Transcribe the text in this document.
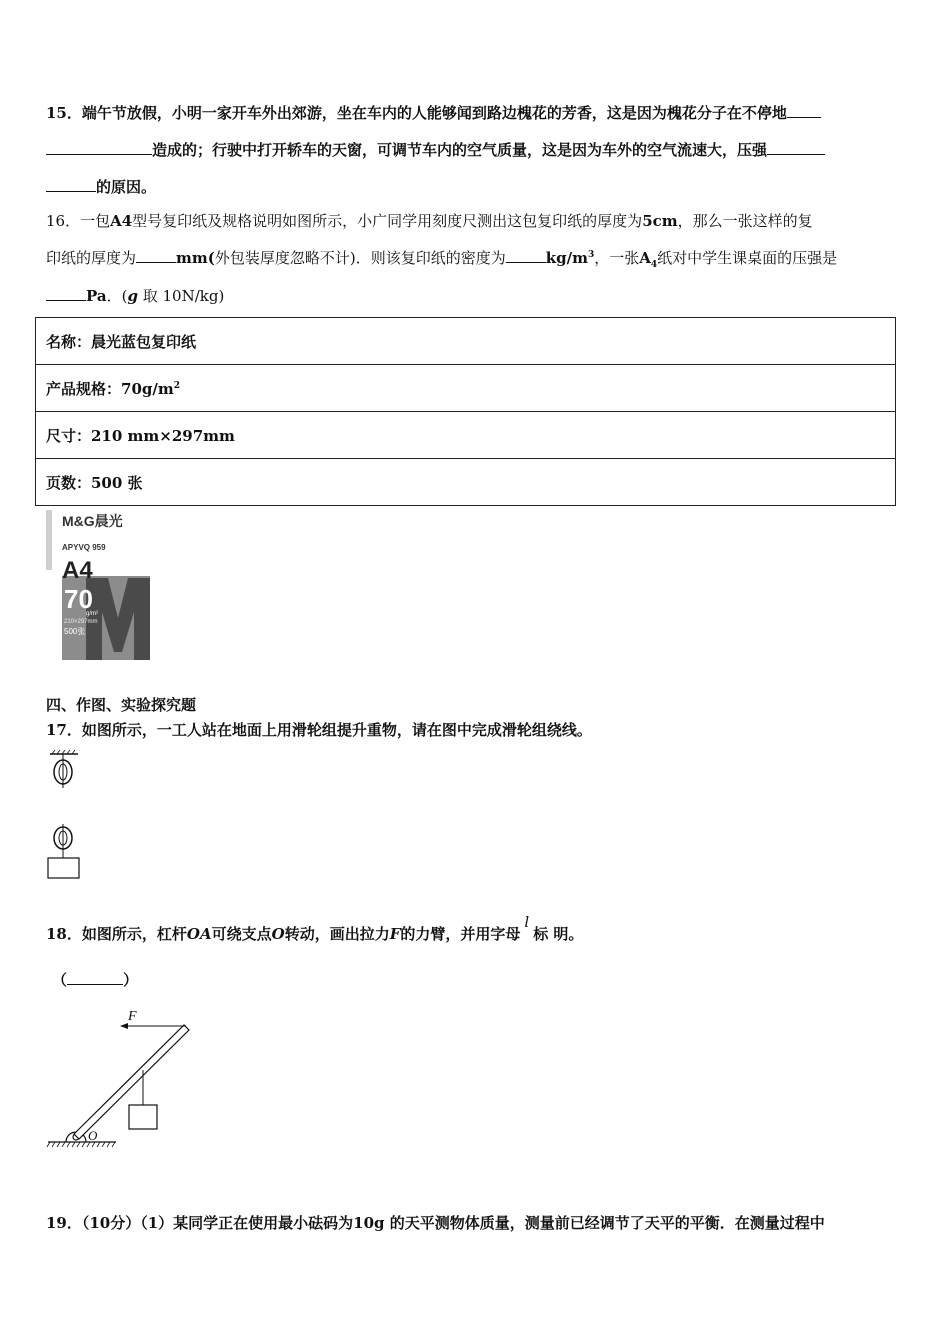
15．端午节放假，小明一家开车外出郊游，坐在车内的人能够闻到路边槐花的芳香，这是因为槐花分子在不停地
造成的；行驶中打开轿车的天窗，可调节车内的空气质量，这是因为车外的空气流速大，压强
的原因。
16．一包A4型号复印纸及规格说明如图所示，小广同学用刻度尺测出这包复印纸的厚度为5cm，那么一张这样的复
印纸的厚度为	mm(外包装厚度忽略不计)．则该复印纸的密度为	$kg/m^3$，一张$A_4$纸对中学生课桌面的压强是
Pa．(g 取 10N/kg)
名称：晨光蓝包复印纸
产品规格：$70g/m^2$
尺寸：210 mm×297mm
页数：500 张
M&G晨光
APYVQ 959
A4
70
g/m²
210×297mm
500张
四、作图、实验探究题
17．如图所示，一工人站在地面上用滑轮组提升重物，请在图中完成滑轮组绕线。
18．如图所示，杠杆OA可绕支点O转动，画出拉力F的力臂，并用字母l标 明。
（	）
F
O
19．（10分）（1）某同学正在使用最小砝码为10g 的天平测物体质量，测量前已经调节了天平的平衡．在测量过程中
